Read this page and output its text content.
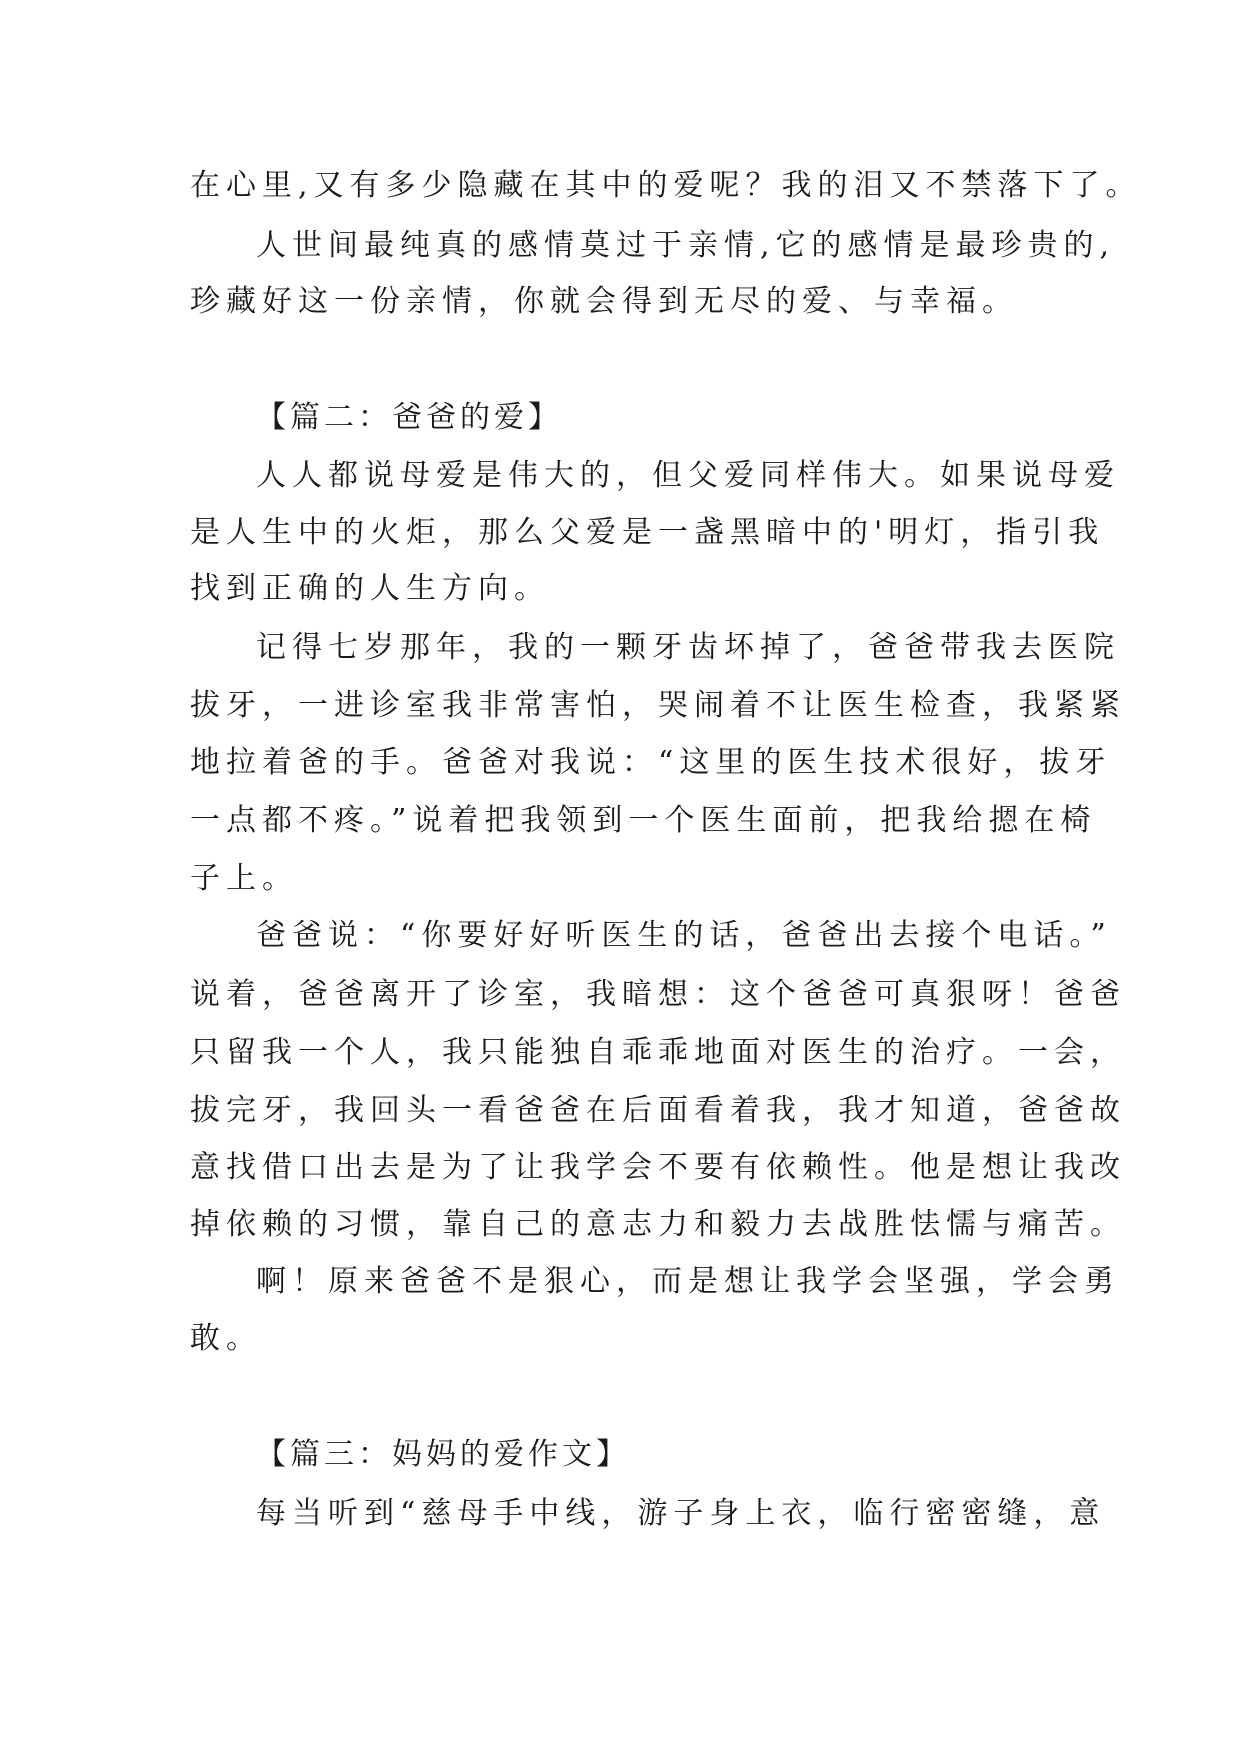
在心里,又有多少隐藏在其中的爱呢？我的泪又不禁落下了。
人世间最纯真的感情莫过于亲情,它的感情是最珍贵的,
珍藏好这一份亲情，你就会得到无尽的爱、与幸福。
【篇二：爸爸的爱】
人人都说母爱是伟大的，但父爱同样伟大。如果说母爱
是人生中的火炬，那么父爱是一盏黑暗中的'明灯，指引我
找到正确的人生方向。
记得七岁那年，我的一颗牙齿坏掉了，爸爸带我去医院
拔牙，一进诊室我非常害怕，哭闹着不让医生检查，我紧紧
地拉着爸的手。爸爸对我说：“这里的医生技术很好，拔牙
一点都不疼。”说着把我领到一个医生面前，把我给摁在椅
子上。
爸爸说：“你要好好听医生的话，爸爸出去接个电话。”
说着，爸爸离开了诊室，我暗想：这个爸爸可真狠呀！爸爸
只留我一个人，我只能独自乖乖地面对医生的治疗。一会，
拔完牙，我回头一看爸爸在后面看着我，我才知道，爸爸故
意找借口出去是为了让我学会不要有依赖性。他是想让我改
掉依赖的习惯，靠自己的意志力和毅力去战胜怯懦与痛苦。
啊！原来爸爸不是狠心，而是想让我学会坚强，学会勇
敢。
【篇三：妈妈的爱作文】
每当听到“慈母手中线，游子身上衣，临行密密缝，意
